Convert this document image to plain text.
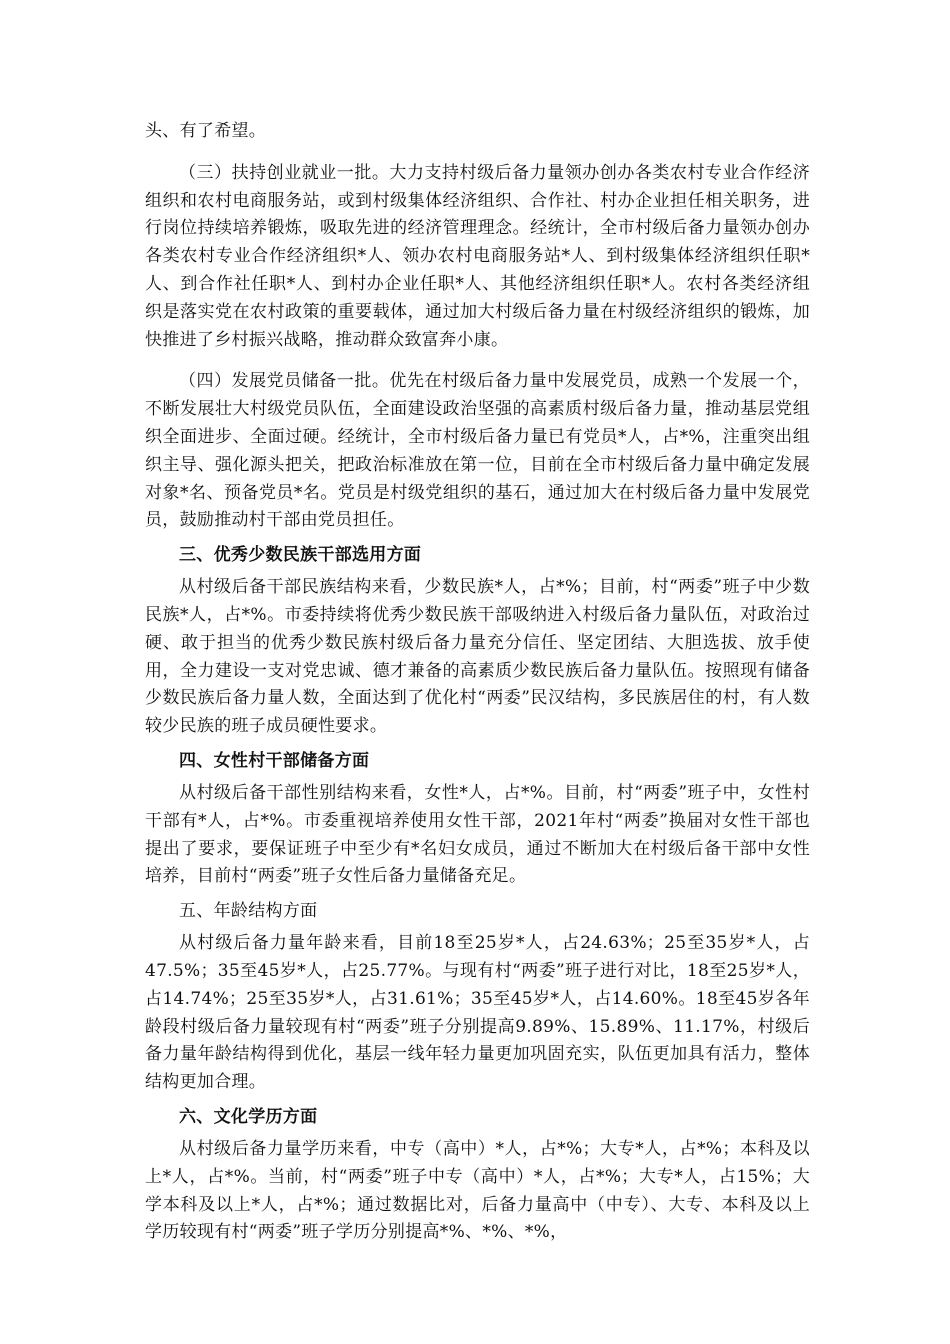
头、有了希望。

（三）扶持创业就业一批。大力支持村级后备力量领办创办各类农村专业合作经济组织和农村电商服务站，或到村级集体经济组织、合作社、村办企业担任相关职务，进行岗位持续培养锻炼，吸取先进的经济管理理念。经统计，全市村级后备力量领办创办各类农村专业合作经济组织*人、领办农村电商服务站*人、到村级集体经济组织任职*人、到合作社任职*人、到村办企业任职*人、其他经济组织任职*人。农村各类经济组织是落实党在农村政策的重要载体，通过加大村级后备力量在村级经济组织的锻炼，加快推进了乡村振兴战略，推动群众致富奔小康。

（四）发展党员储备一批。优先在村级后备力量中发展党员，成熟一个发展一个，不断发展壮大村级党员队伍，全面建设政治坚强的高素质村级后备力量，推动基层党组织全面进步、全面过硬。经统计，全市村级后备力量已有党员*人，占*%，注重突出组织主导、强化源头把关，把政治标准放在第一位，目前在全市村级后备力量中确定发展对象*名、预备党员*名。党员是村级党组织的基石，通过加大在村级后备力量中发展党员，鼓励推动村干部由党员担任。

三、优秀少数民族干部选用方面

从村级后备干部民族结构来看，少数民族*人，占*%；目前，村“两委”班子中少数民族*人，占*%。市委持续将优秀少数民族干部吸纳进入村级后备力量队伍，对政治过硬、敢于担当的优秀少数民族村级后备力量充分信任、坚定团结、大胆选拔、放手使用，全力建设一支对党忠诚、德才兼备的高素质少数民族后备力量队伍。按照现有储备少数民族后备力量人数，全面达到了优化村“两委”民汉结构，多民族居住的村，有人数较少民族的班子成员硬性要求。

四、女性村干部储备方面

从村级后备干部性别结构来看，女性*人，占*%。目前，村“两委”班子中，女性村干部有*人，占*%。市委重视培养使用女性干部，2021年村“两委”换届对女性干部也提出了要求，要保证班子中至少有*名妇女成员，通过不断加大在村级后备干部中女性培养，目前村“两委”班子女性后备力量储备充足。

五、年龄结构方面

从村级后备力量年龄来看，目前18至25岁*人，占24.63%；25至35岁*人，占47.5%；35至45岁*人，占25.77%。与现有村“两委”班子进行对比，18至25岁*人，占14.74%；25至35岁*人，占31.61%；35至45岁*人，占14.60%。18至45岁各年龄段村级后备力量较现有村“两委”班子分别提高9.89%、15.89%、11.17%，村级后备力量年龄结构得到优化，基层一线年轻力量更加巩固充实，队伍更加具有活力，整体结构更加合理。

六、文化学历方面

从村级后备力量学历来看，中专（高中）*人，占*%；大专*人，占*%；本科及以上*人，占*%。当前，村“两委”班子中专（高中）*人，占*%；大专*人，占15%；大学本科及以上*人，占*%；通过数据比对，后备力量高中（中专）、大专、本科及以上学历较现有村“两委”班子学历分别提高*%、*%、*%，
